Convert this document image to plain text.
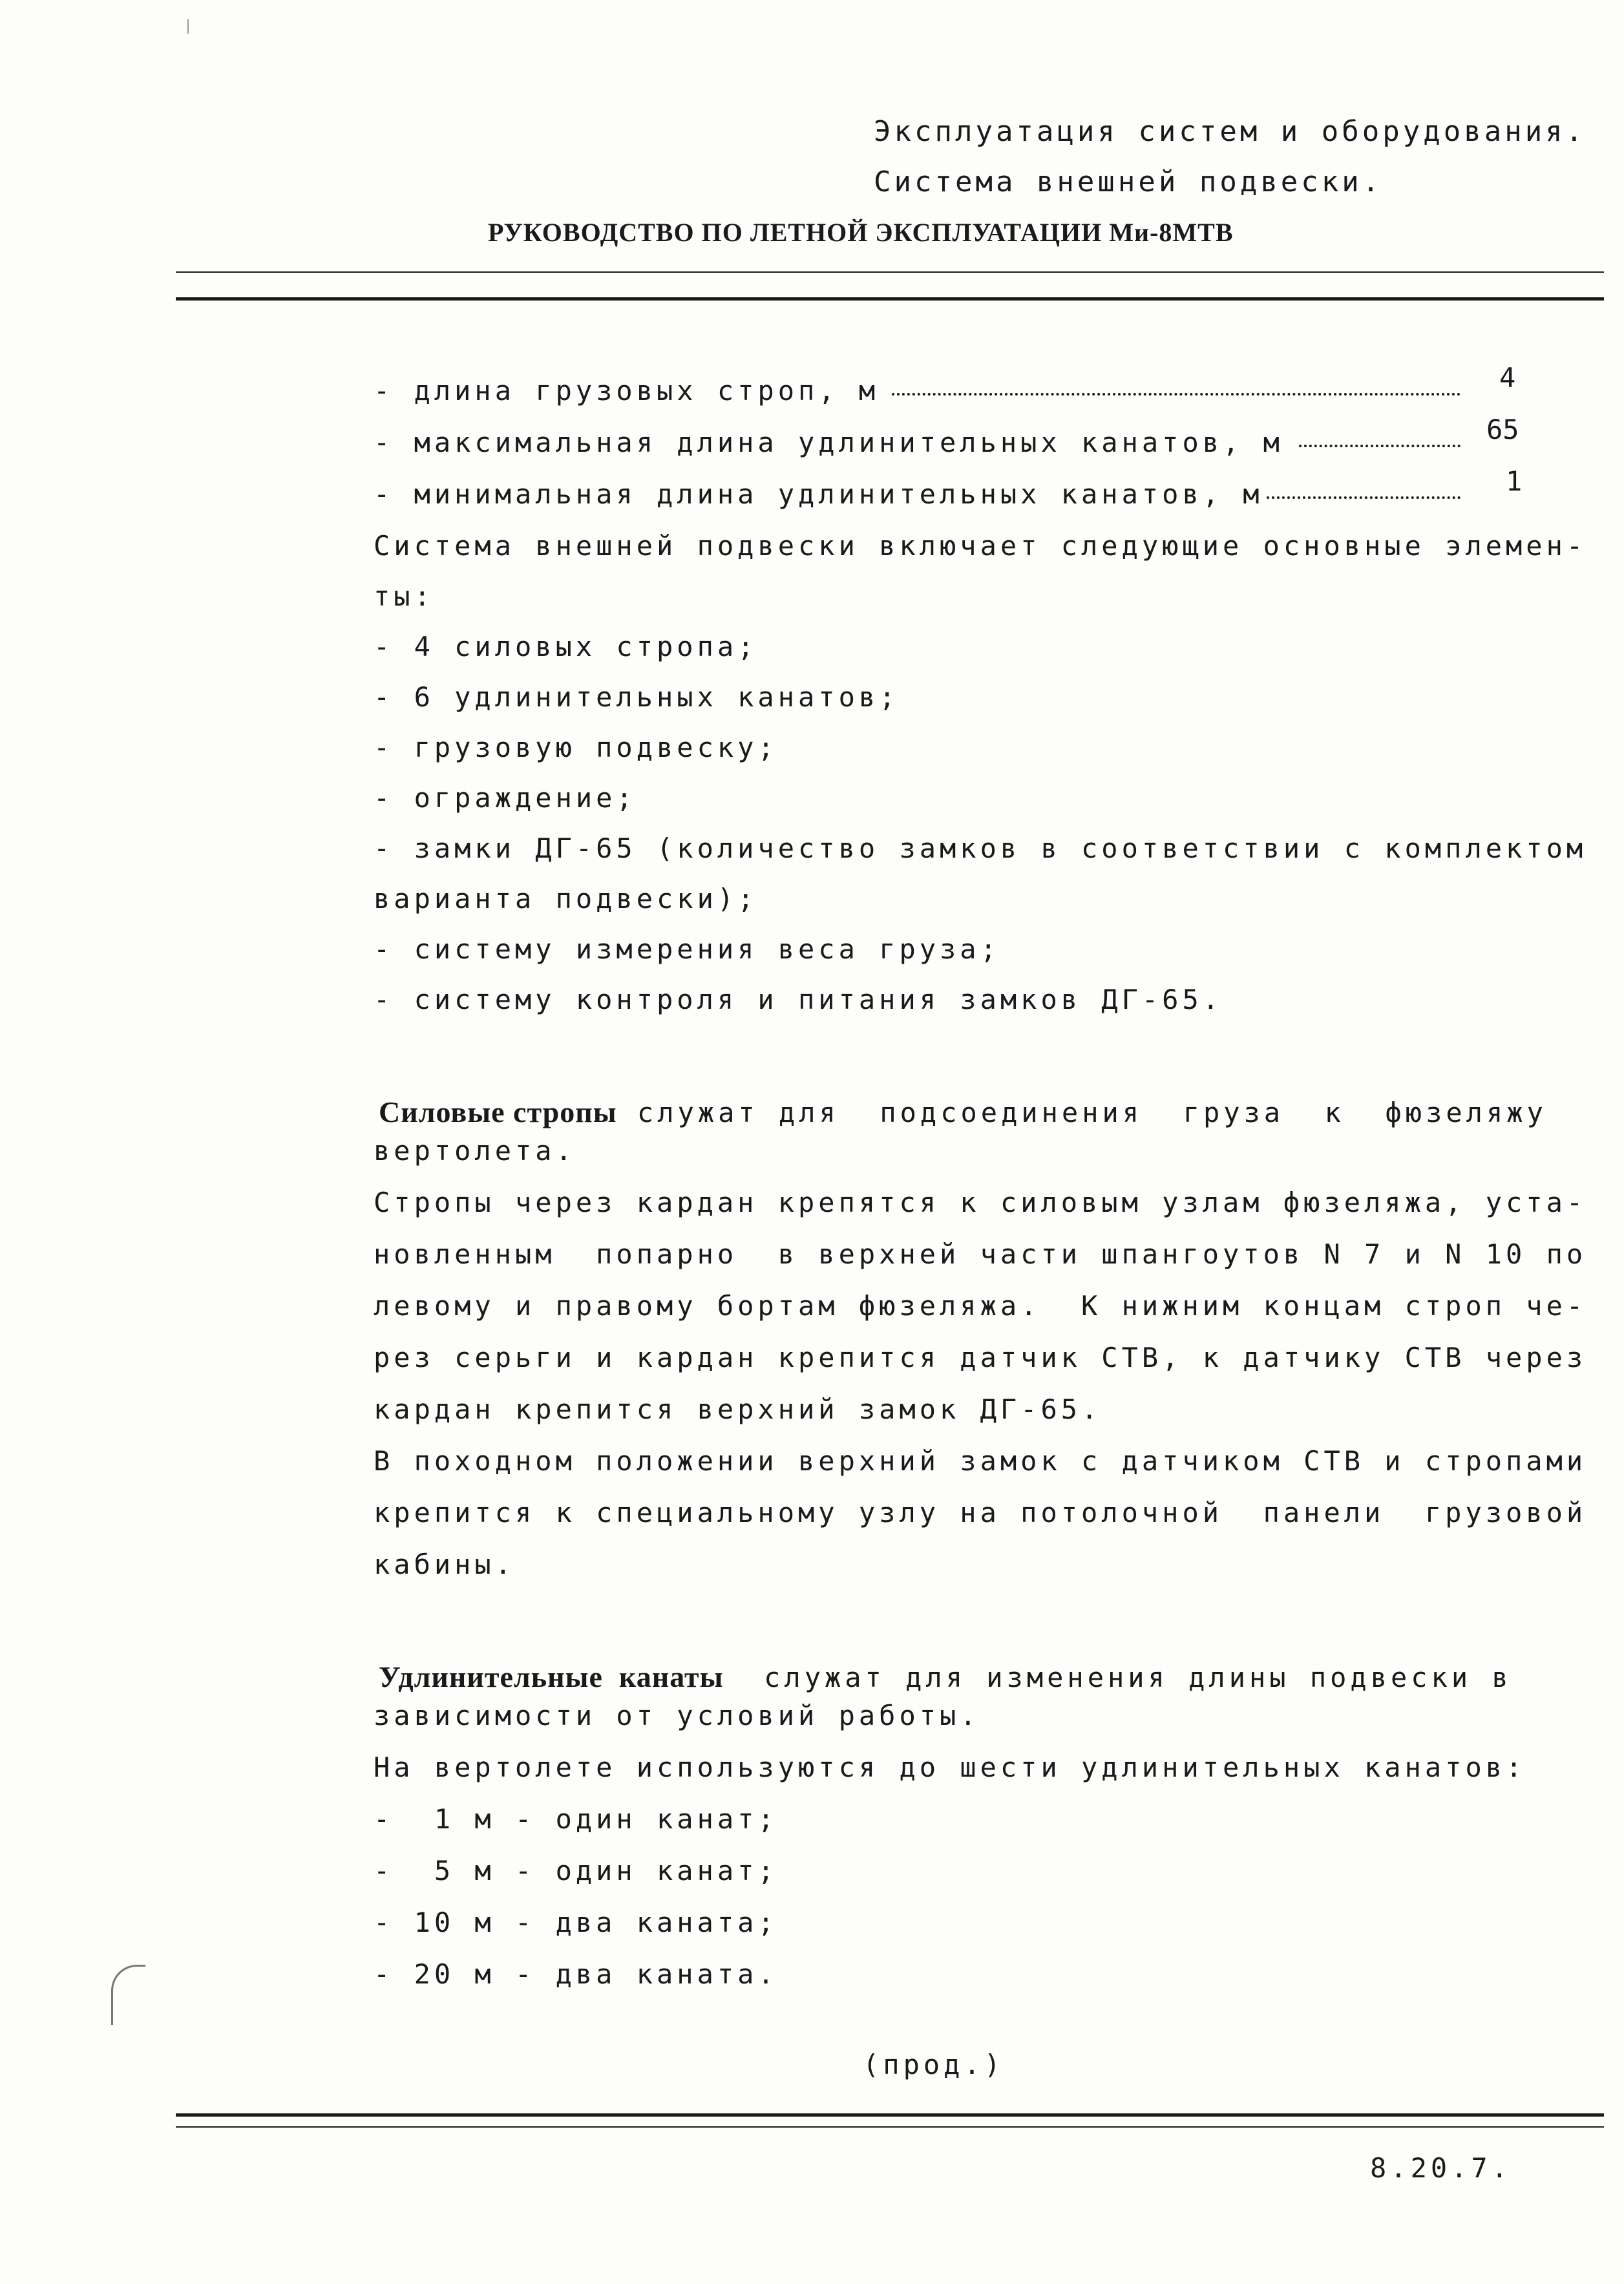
Эксплуатация систем и оборудования.
Система внешней подвески.
РУКОВОДСТВО ПО ЛЕТНОЙ ЭКСПЛУАТАЦИИ Ми-8МТВ
- длина грузовых строп, м	4
- максимальная длина удлинительных канатов, м	65
- минимальная длина удлинительных канатов, м	1
Система внешней подвески включает следующие основные элемен-
ты:
- 4 силовых стропа;
- 6 удлинительных канатов;
- грузовую подвеску;
- ограждение;
- замки ДГ-65 (количество замков в соответствии с комплектом
варианта подвески);
- систему измерения веса груза;
- систему контроля и питания замков ДГ-65.

Силовые стропы служат для  подсоединения  груза  к  фюзеляжу

вертолета.
Стропы через кардан крепятся к силовым узлам фюзеляжа, уста-
новленным  попарно  в верхней части шпангоутов N 7 и N 10 по
левому и правому бортам фюзеляжа.  К нижним концам строп че-
рез серьги и кардан крепится датчик СТВ, к датчику СТВ через
кардан крепится верхний замок ДГ-65.
В походном положении верхний замок с датчиком СТВ и стропами
крепится к специальному узлу на потолочной  панели  грузовой
кабины.

Удлинительные  канаты  служат для изменения длины подвески в

зависимости от условий работы.
На вертолете используются до шести удлинительных канатов:
-  1 м - один канат;
-  5 м - один канат;
- 10 м - два каната;
- 20 м - два каната.
(прод.)
8.20.7.
